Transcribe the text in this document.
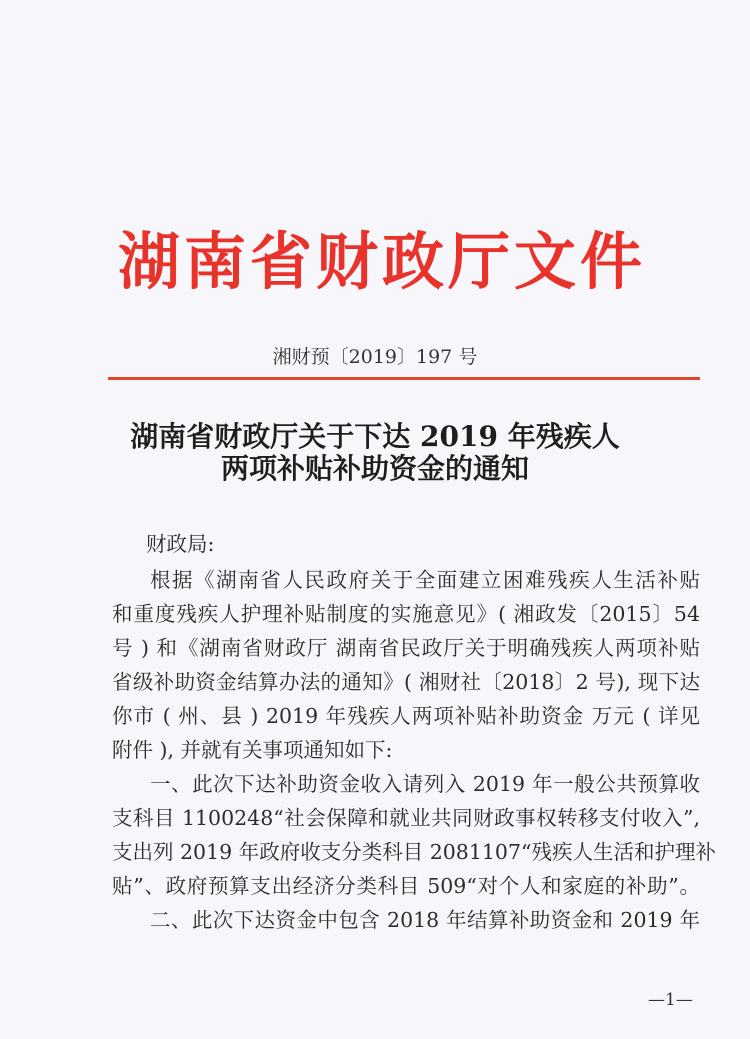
湖南省财政厅文件
湘财预〔2019〕197 号
湖南省财政厅关于下达 2019 年残疾人
两项补贴补助资金的通知
财政局:
根据《湖南省人民政府关于全面建立困难残疾人生活补贴
和重度残疾人护理补贴制度的实施意见》( 湘政发〔2015〕54
号 ) 和《湖南省财政厅 湖南省民政厅关于明确残疾人两项补贴
省级补助资金结算办法的通知》( 湘财社〔2018〕2 号), 现下达
你市 ( 州、县 ) 2019 年残疾人两项补贴补助资金 万元 ( 详见
附件 ), 并就有关事项通知如下:
一、此次下达补助资金收入请列入 2019 年一般公共预算收
支科目 1100248“社会保障和就业共同财政事权转移支付收入”,
支出列 2019 年政府收支分类科目 2081107“残疾人生活和护理补
贴”、政府预算支出经济分类科目 509“对个人和家庭的补助”。
二、此次下达资金中包含 2018 年结算补助资金和 2019 年
—1—
